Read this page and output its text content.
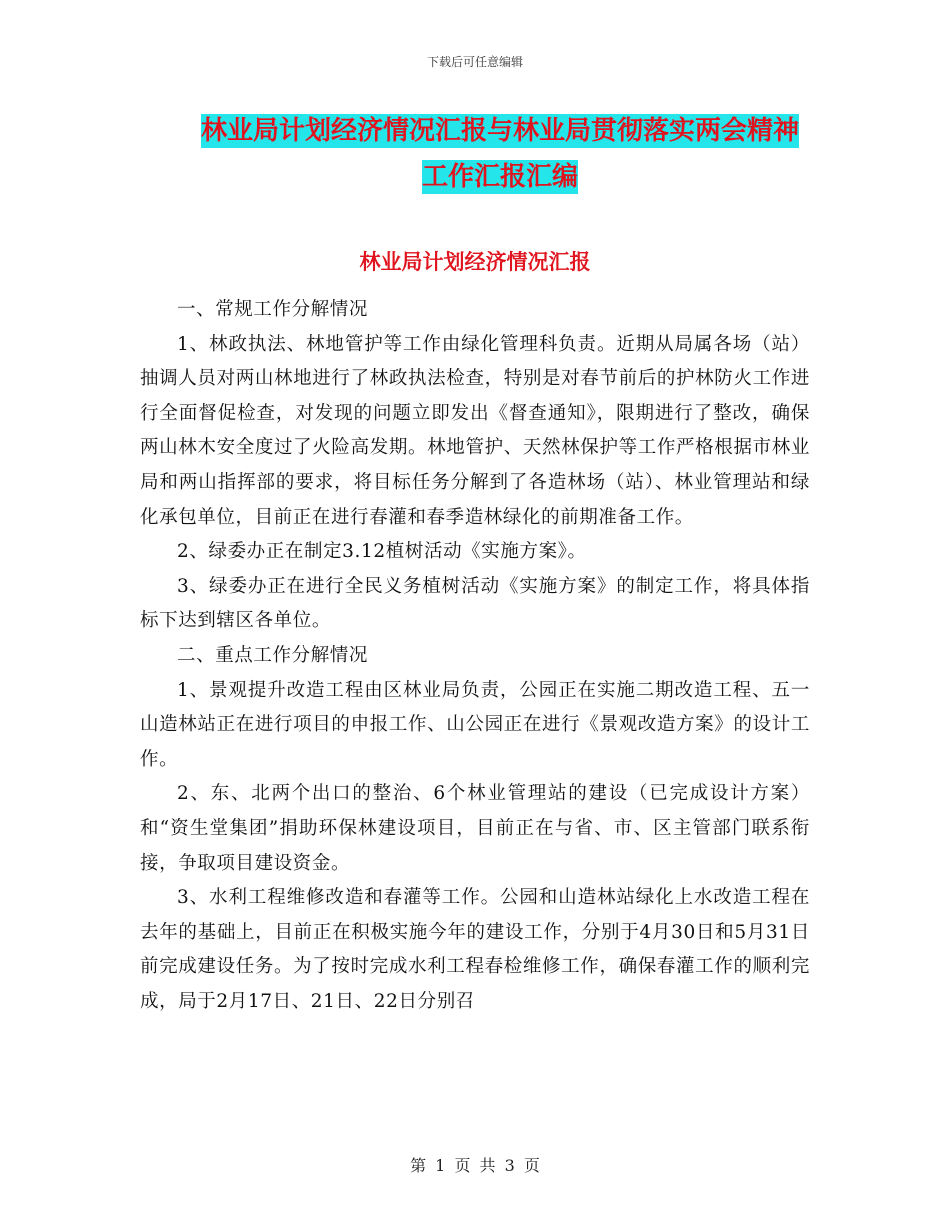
下载后可任意编辑
林业局计划经济情况汇报与林业局贯彻落实两会精神
工作汇报汇编
林业局计划经济情况汇报

一、常规工作分解情况

1、林政执法、林地管护等工作由绿化管理科负责。近期从局属各场（站）抽调人员对两山林地进行了林政执法检查，特别是对春节前后的护林防火工作进行全面督促检查，对发现的问题立即发出《督查通知》，限期进行了整改，确保两山林木安全度过了火险高发期。林地管护、天然林保护等工作严格根据市林业局和两山指挥部的要求，将目标任务分解到了各造林场（站）、林业管理站和绿化承包单位，目前正在进行春灌和春季造林绿化的前期准备工作。

2、绿委办正在制定3.12植树活动《实施方案》。

3、绿委办正在进行全民义务植树活动《实施方案》的制定工作，将具体指标下达到辖区各单位。

二、重点工作分解情况

1、景观提升改造工程由区林业局负责，公园正在实施二期改造工程、五一山造林站正在进行项目的申报工作、山公园正在进行《景观改造方案》的设计工作。

2、东、北两个出口的整治、6个林业管理站的建设（已完成设计方案）和“资生堂集团”捐助环保林建设项目，目前正在与省、市、区主管部门联系衔接，争取项目建设资金。

3、水利工程维修改造和春灌等工作。公园和山造林站绿化上水改造工程在去年的基础上，目前正在积极实施今年的建设工作，分别于4月30日和5月31日前完成建设任务。为了按时完成水利工程春检维修工作，确保春灌工作的顺利完成，局于2月17日、21日、22日分别召

第 1 页 共 3 页
